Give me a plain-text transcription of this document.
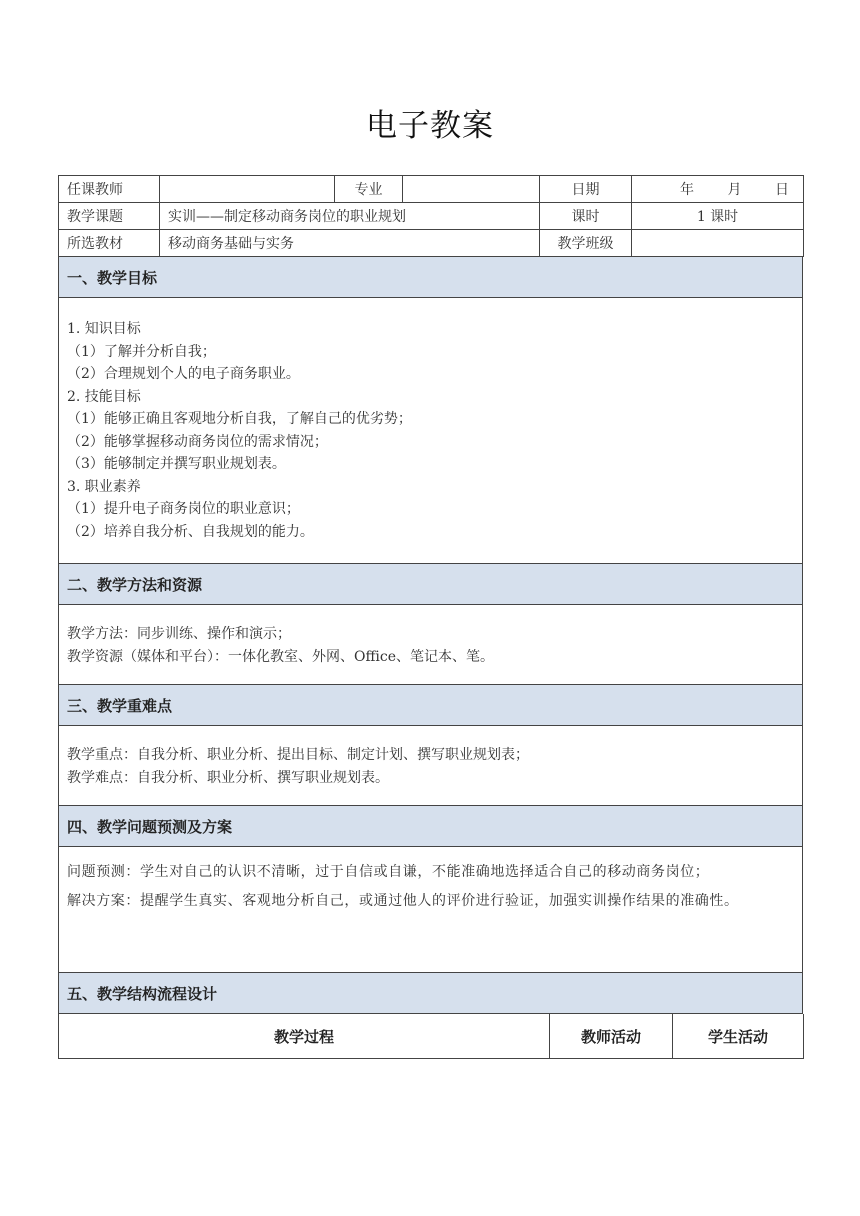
电子教案
任课教师		专业		日期	年 月 日

教学课题	实训——制定移动商务岗位的职业规划			课时	1 课时
所选教材	移动商务基础与实务			教学班级	
一、教学目标
1. 知识目标
（1）了解并分析自我；
（2）合理规划个人的电子商务职业。
2. 技能目标
（1）能够正确且客观地分析自我，了解自己的优劣势；
（2）能够掌握移动商务岗位的需求情况；
（3）能够制定并撰写职业规划表。
3. 职业素养
（1）提升电子商务岗位的职业意识；
（2）培养自我分析、自我规划的能力。
二、教学方法和资源
教学方法：同步训练、操作和演示；
教学资源（媒体和平台）：一体化教室、外网、Office、笔记本、笔。
三、教学重难点
教学重点：自我分析、职业分析、提出目标、制定计划、撰写职业规划表；
教学难点：自我分析、职业分析、撰写职业规划表。
四、教学问题预测及方案
问题预测：学生对自己的认识不清晰，过于自信或自谦，不能准确地选择适合自己的移动商务岗位；
解决方案：提醒学生真实、客观地分析自己，或通过他人的评价进行验证，加强实训操作结果的准确性。
五、教学结构流程设计
教学过程	教师活动	学生活动
